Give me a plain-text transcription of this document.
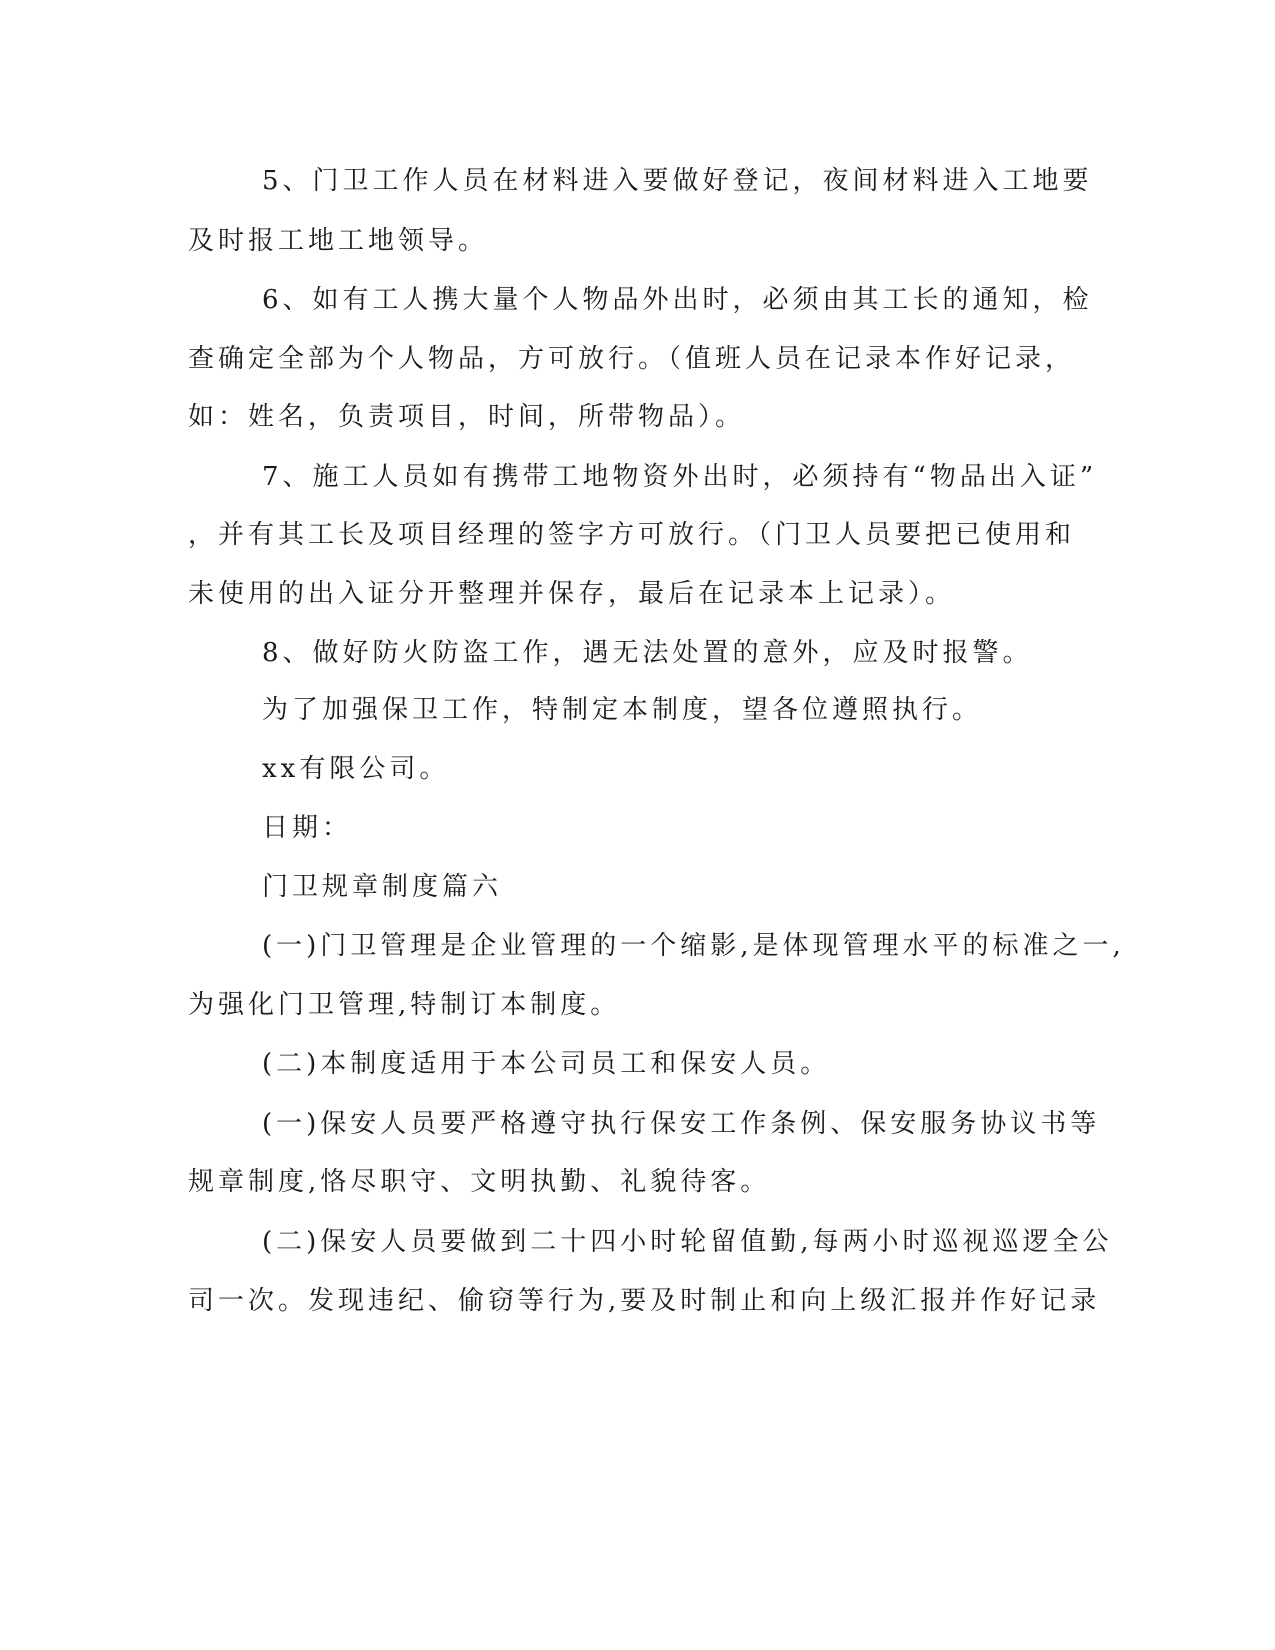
5、门卫工作人员在材料进入要做好登记，夜间材料进入工地要
及时报工地工地领导。
6、如有工人携大量个人物品外出时，必须由其工长的通知，检
查确定全部为个人物品，方可放行。（值班人员在记录本作好记录，
如：姓名，负责项目，时间，所带物品）。
7、施工人员如有携带工地物资外出时，必须持有“物品出入证”
，并有其工长及项目经理的签字方可放行。（门卫人员要把已使用和
未使用的出入证分开整理并保存，最后在记录本上记录）。
8、做好防火防盗工作，遇无法处置的意外，应及时报警。
为了加强保卫工作，特制定本制度，望各位遵照执行。
xx有限公司。
日期：
门卫规章制度篇六
(一)门卫管理是企业管理的一个缩影,是体现管理水平的标准之一,
为强化门卫管理,特制订本制度。
(二)本制度适用于本公司员工和保安人员。
(一)保安人员要严格遵守执行保安工作条例、保安服务协议书等
规章制度,恪尽职守、文明执勤、礼貌待客。
(二)保安人员要做到二十四小时轮留值勤,每两小时巡视巡逻全公
司一次。发现违纪、偷窃等行为,要及时制止和向上级汇报并作好记录
